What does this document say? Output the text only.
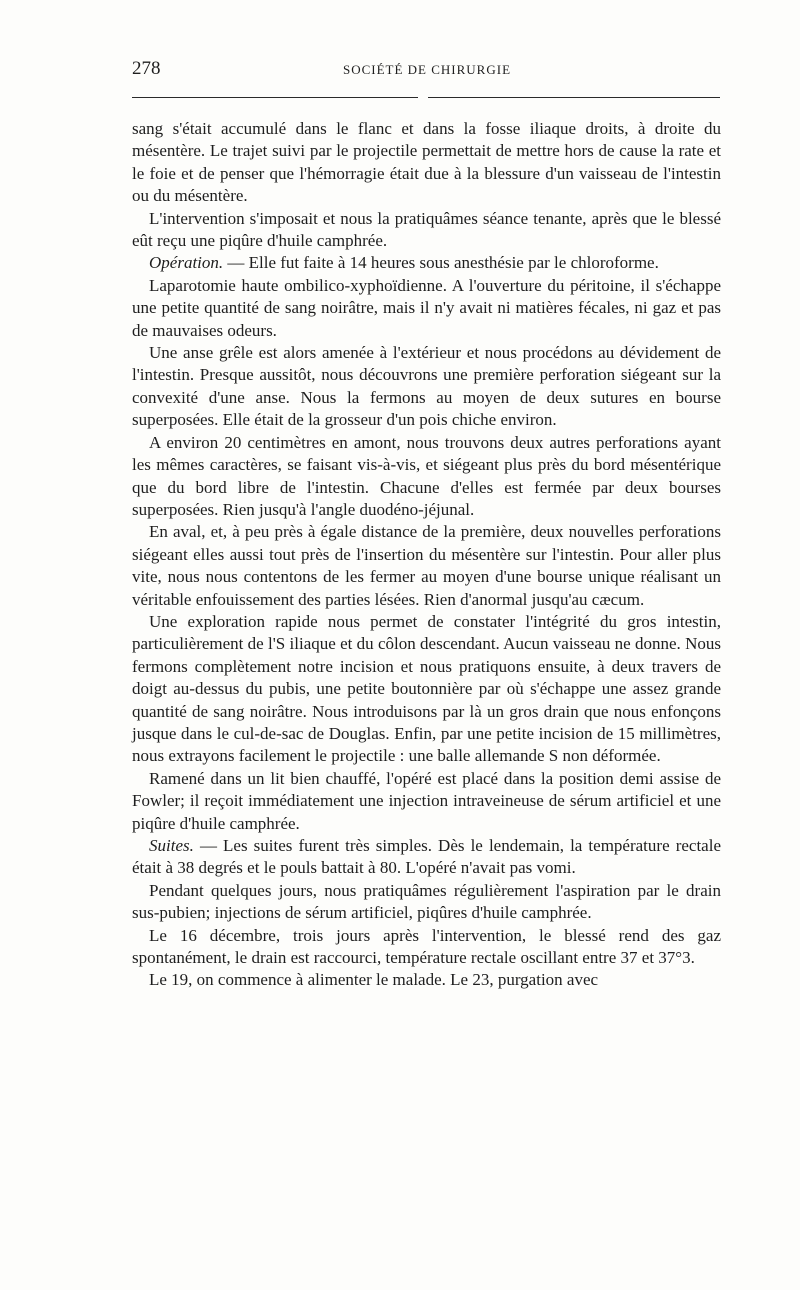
278	SOCIÉTÉ DE CHIRURGIE

sang s'était accumulé dans le flanc et dans la fosse iliaque droits, à droite du mésentère. Le trajet suivi par le projectile permettait de mettre hors de cause la rate et le foie et de penser que l'hémorragie était due à la blessure d'un vaisseau de l'intestin ou du mésentère.

L'intervention s'imposait et nous la pratiquâmes séance tenante, après que le blessé eût reçu une piqûre d'huile camphrée.

Opération. — Elle fut faite à 14 heures sous anesthésie par le chloroforme.

Laparotomie haute ombilico-xyphoïdienne. A l'ouverture du péritoine, il s'échappe une petite quantité de sang noirâtre, mais il n'y avait ni matières fécales, ni gaz et pas de mauvaises odeurs.

Une anse grêle est alors amenée à l'extérieur et nous procédons au dévidement de l'intestin. Presque aussitôt, nous découvrons une première perforation siégeant sur la convexité d'une anse. Nous la fermons au moyen de deux sutures en bourse superposées. Elle était de la grosseur d'un pois chiche environ.

A environ 20 centimètres en amont, nous trouvons deux autres perforations ayant les mêmes caractères, se faisant vis-à-vis, et siégeant plus près du bord mésentérique que du bord libre de l'intestin. Chacune d'elles est fermée par deux bourses superposées. Rien jusqu'à l'angle duodéno-jéjunal.

En aval, et, à peu près à égale distance de la première, deux nouvelles perforations siégeant elles aussi tout près de l'insertion du mésentère sur l'intestin. Pour aller plus vite, nous nous contentons de les fermer au moyen d'une bourse unique réalisant un véritable enfouissement des parties lésées. Rien d'anormal jusqu'au cæcum.

Une exploration rapide nous permet de constater l'intégrité du gros intestin, particulièrement de l'S iliaque et du côlon descendant. Aucun vaisseau ne donne. Nous fermons complètement notre incision et nous pratiquons ensuite, à deux travers de doigt au-dessus du pubis, une petite boutonnière par où s'échappe une assez grande quantité de sang noirâtre. Nous introduisons par là un gros drain que nous enfonçons jusque dans le cul-de-sac de Douglas. Enfin, par une petite incision de 15 millimètres, nous extrayons facilement le projectile : une balle allemande S non déformée.

Ramené dans un lit bien chauffé, l'opéré est placé dans la position demi assise de Fowler; il reçoit immédiatement une injection intraveineuse de sérum artificiel et une piqûre d'huile camphrée.

Suites. — Les suites furent très simples. Dès le lendemain, la température rectale était à 38 degrés et le pouls battait à 80. L'opéré n'avait pas vomi.

Pendant quelques jours, nous pratiquâmes régulièrement l'aspiration par le drain sus-pubien; injections de sérum artificiel, piqûres d'huile camphrée.

Le 16 décembre, trois jours après l'intervention, le blessé rend des gaz spontanément, le drain est raccourci, température rectale oscillant entre 37 et 37°3.

Le 19, on commence à alimenter le malade. Le 23, purgation avec
